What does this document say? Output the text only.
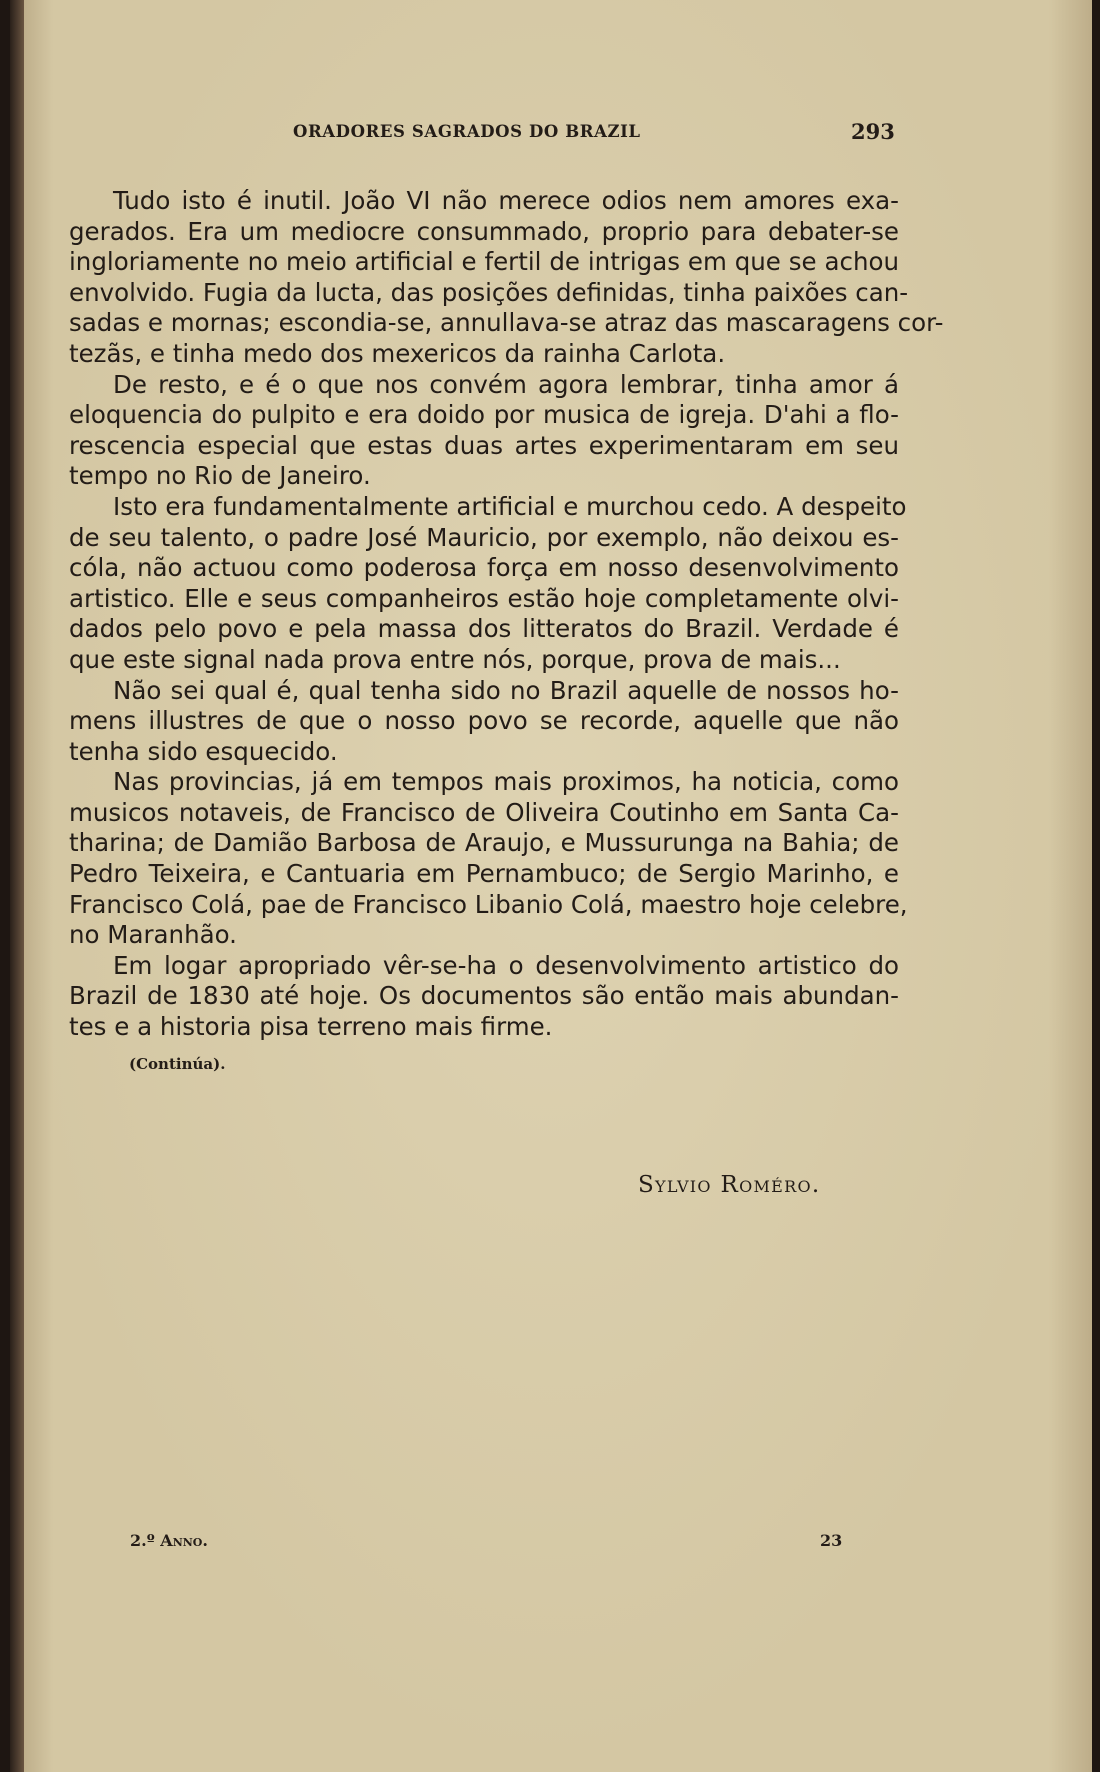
ORADORES SAGRADOS DO BRAZIL	293
Tudo isto é inutil. João VI não merece odios nem amores exa-
gerados. Era um mediocre consummado, proprio para debater-se
ingloriamente no meio artificial e fertil de intrigas em que se achou
envolvido. Fugia da lucta, das posições definidas, tinha paixões can-
sadas e mornas; escondia-se, annullava-se atraz das mascaragens cor-
tezãs, e tinha medo dos mexericos da rainha Carlota.
De resto, e é o que nos convém agora lembrar, tinha amor á
eloquencia do pulpito e era doido por musica de igreja. D'ahi a flo-
rescencia especial que estas duas artes experimentaram em seu
tempo no Rio de Janeiro.
Isto era fundamentalmente artificial e murchou cedo. A despeito
de seu talento, o padre José Mauricio, por exemplo, não deixou es-
cóla, não actuou como poderosa força em nosso desenvolvimento
artistico. Elle e seus companheiros estão hoje completamente olvi-
dados pelo povo e pela massa dos litteratos do Brazil. Verdade é
que este signal nada prova entre nós, porque, prova de mais...
Não sei qual é, qual tenha sido no Brazil aquelle de nossos ho-
mens illustres de que o nosso povo se recorde, aquelle que não
tenha sido esquecido.
Nas provincias, já em tempos mais proximos, ha noticia, como
musicos notaveis, de Francisco de Oliveira Coutinho em Santa Ca-
tharina; de Damião Barbosa de Araujo, e Mussurunga na Bahia; de
Pedro Teixeira, e Cantuaria em Pernambuco; de Sergio Marinho, e
Francisco Colá, pae de Francisco Libanio Colá, maestro hoje celebre,
no Maranhão.
Em logar apropriado vêr-se-ha o desenvolvimento artistico do
Brazil de 1830 até hoje. Os documentos são então mais abundan-
tes e a historia pisa terreno mais firme.
(Continúa).
Sylvio Roméro.
2.º Anno.	23
